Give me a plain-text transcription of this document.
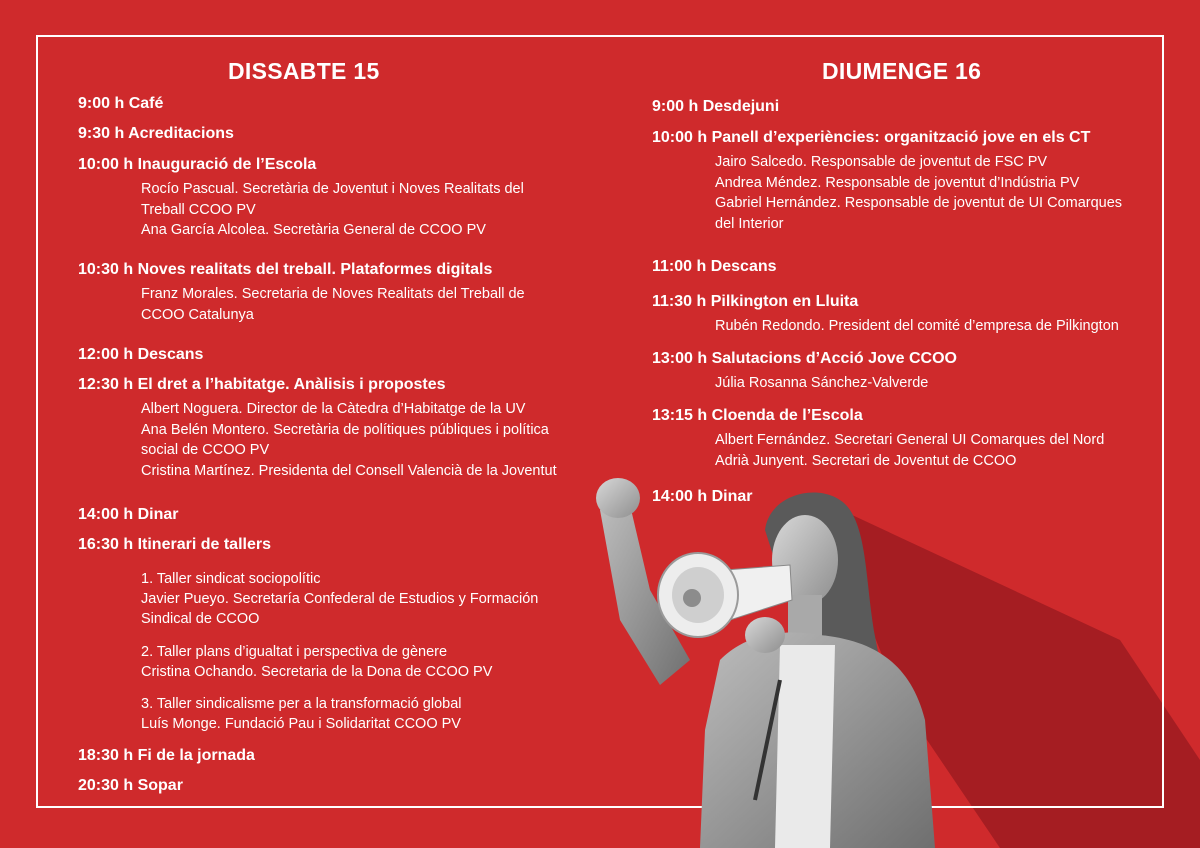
DISSABTE 15
9:00 h Café
9:30 h Acreditacions
10:00 h Inauguració de l’Escola
Rocío Pascual. Secretària de Joventut i Noves Realitats del Treball CCOO PV
Ana García Alcolea. Secretària General de CCOO PV
10:30 h Noves realitats del treball. Plataformes digitals
Franz Morales. Secretaria de Noves Realitats del Treball de CCOO Catalunya
12:00 h Descans
12:30 h El dret a l’habitatge. Anàlisis i propostes
Albert Noguera. Director de la Càtedra d’Habitatge de la UV
Ana Belén Montero. Secretària de polítiques públiques i política social de CCOO PV
Cristina Martínez. Presidenta del Consell Valencià de la Joventut
14:00 h Dinar
16:30 h Itinerari de tallers
1. Taller sindicat sociopolític
Javier Pueyo. Secretaría Confederal de Estudios y Formación Sindical de CCOO
2. Taller plans d’igualtat i perspectiva de gènere
Cristina Ochando. Secretaria de la Dona de CCOO PV
3. Taller sindicalisme per a la transformació global
Luís Monge. Fundació Pau i Solidaritat CCOO PV
18:30 h Fi de la jornada
20:30 h Sopar
DIUMENGE 16
9:00 h Desdejuni
10:00 h Panell d’experiències: organització jove en els CT
Jairo Salcedo. Responsable de joventut de FSC PV
Andrea Méndez. Responsable de joventut d’Indústria PV
Gabriel Hernández. Responsable de joventut de UI Comarques del Interior
11:00 h Descans
11:30 h Pilkington en Lluita
Rubén Redondo. President del comité d’empresa de Pilkington
13:00 h Salutacions d’Acció Jove CCOO
Júlia Rosanna Sánchez-Valverde
13:15 h Cloenda de l’Escola
Albert Fernández. Secretari General UI Comarques del Nord
Adrià Junyent. Secretari de Joventut de CCOO
14:00 h Dinar
